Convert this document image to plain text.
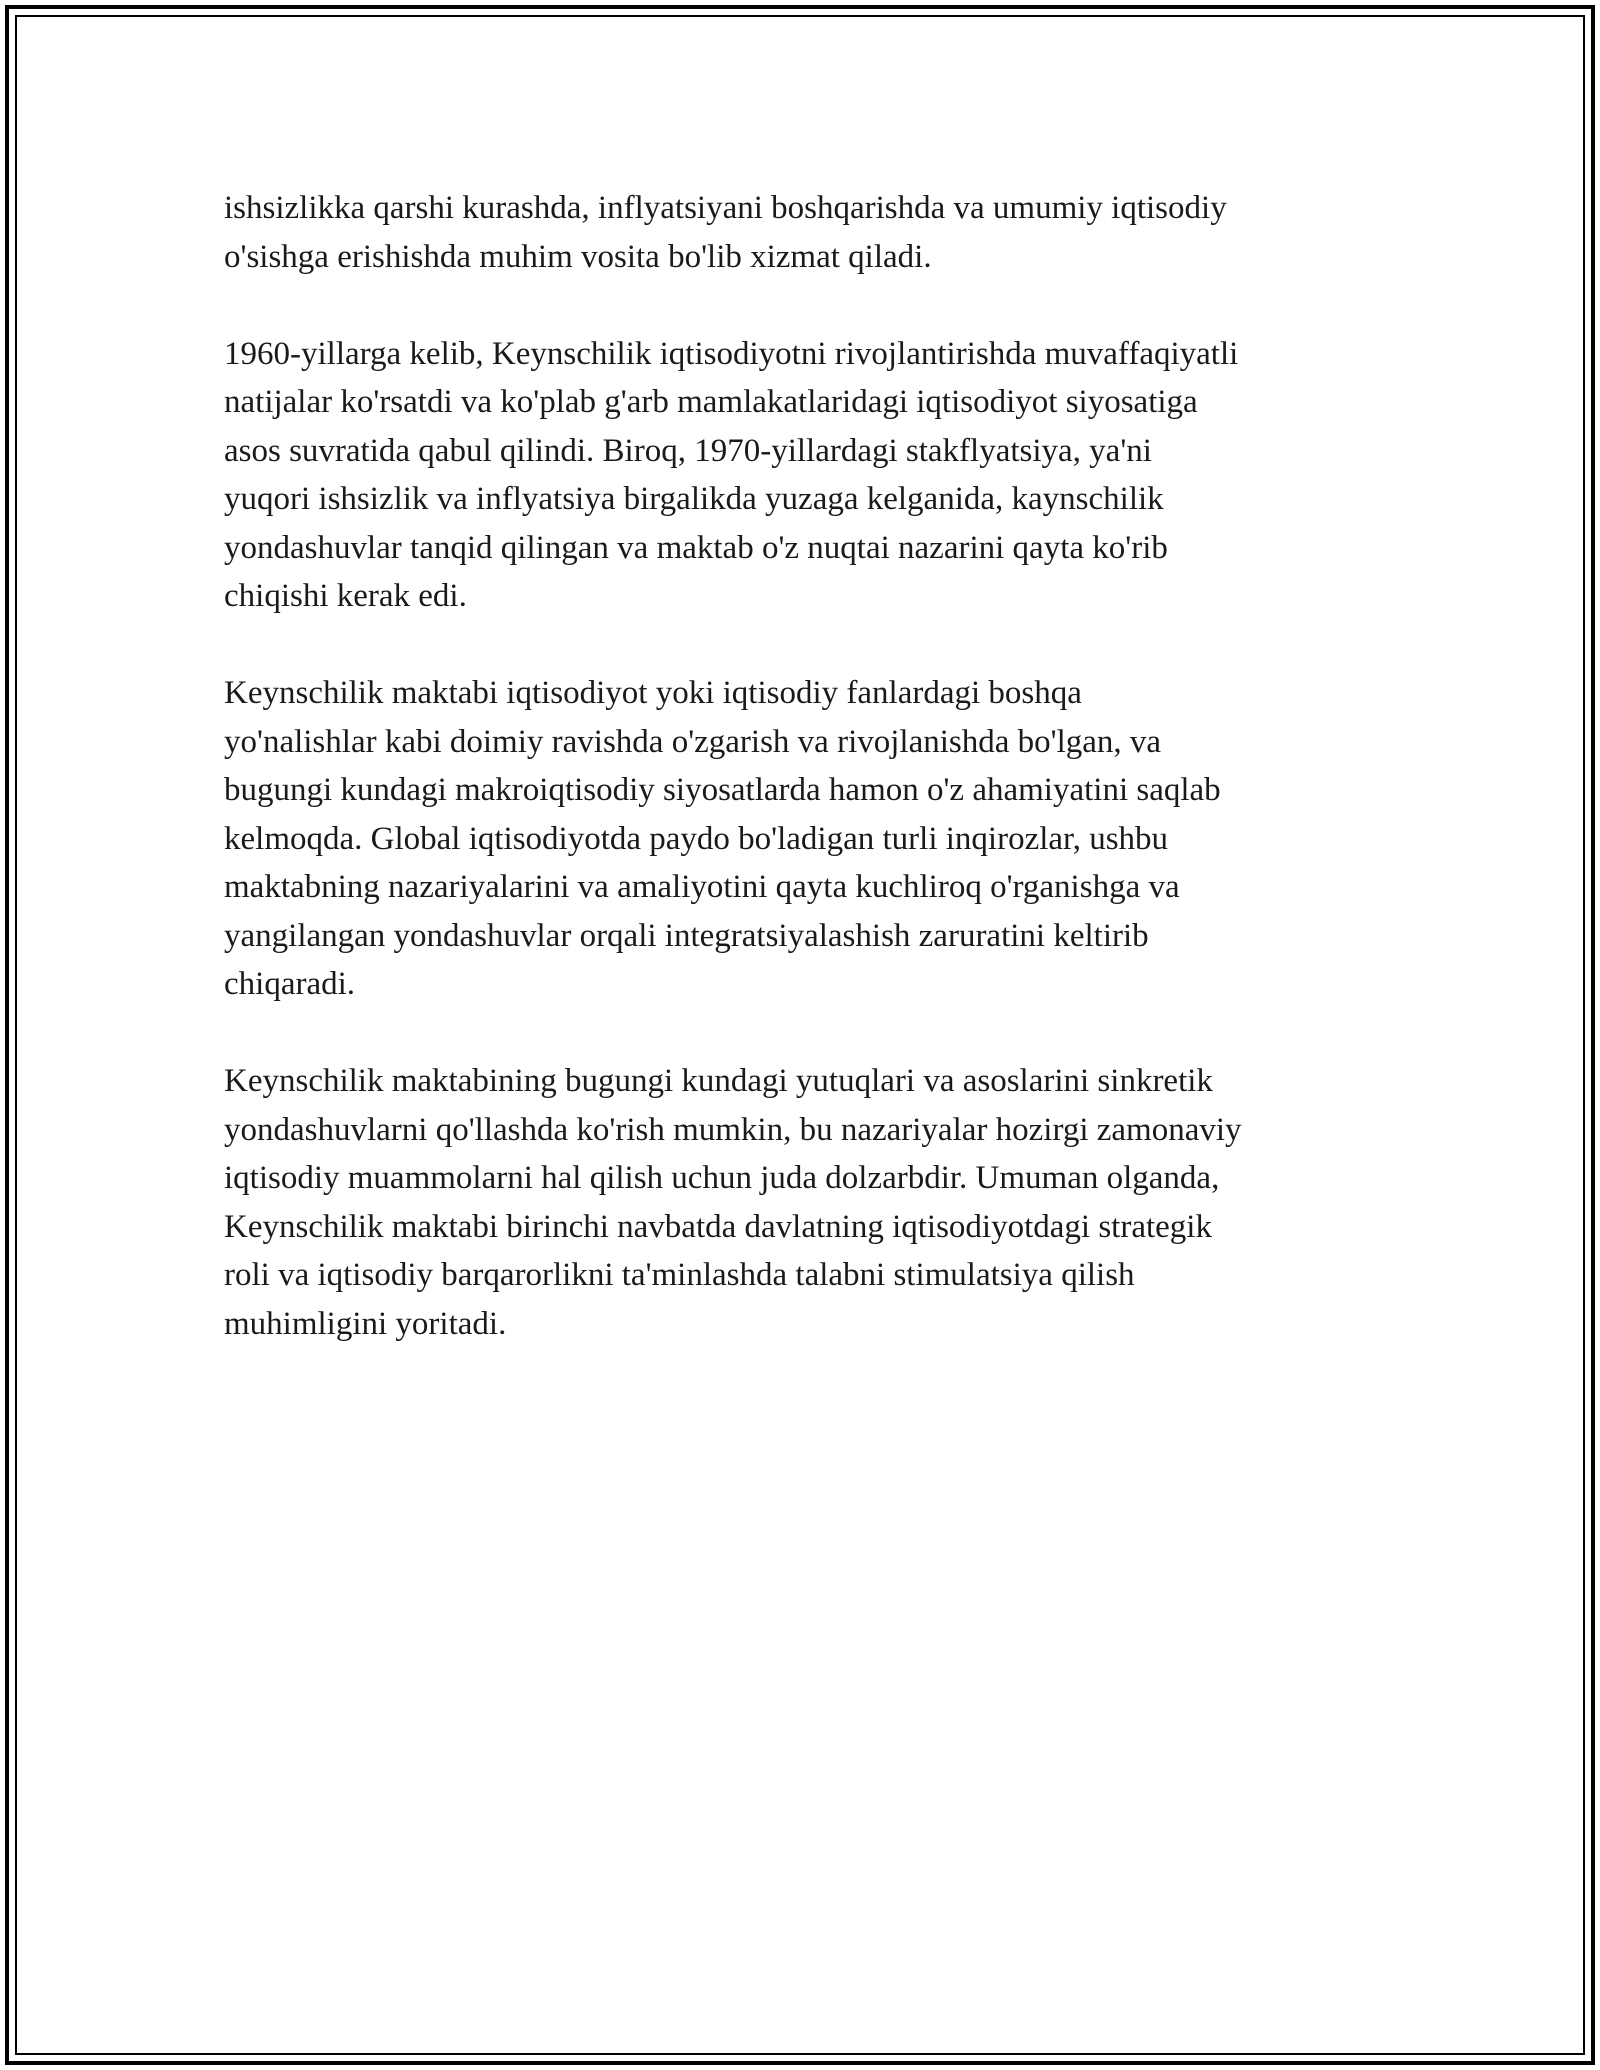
ishsizlikka qarshi kurashda, inflyatsiyani boshqarishda va umumiy iqtisodiy
o'sishga erishishda muhim vosita bo'lib xizmat qiladi.

1960-yillarga kelib, Keynschilik iqtisodiyotni rivojlantirishda muvaffaqiyatli
natijalar ko'rsatdi va ko'plab g'arb mamlakatlaridagi iqtisodiyot siyosatiga
asos suvratida qabul qilindi. Biroq, 1970-yillardagi stakflyatsiya, ya'ni
yuqori ishsizlik va inflyatsiya birgalikda yuzaga kelganida, kaynschilik
yondashuvlar tanqid qilingan va maktab o'z nuqtai nazarini qayta ko'rib
chiqishi kerak edi.

Keynschilik maktabi iqtisodiyot yoki iqtisodiy fanlardagi boshqa
yo'nalishlar kabi doimiy ravishda o'zgarish va rivojlanishda bo'lgan, va
bugungi kundagi makroiqtisodiy siyosatlarda hamon o'z ahamiyatini saqlab
kelmoqda. Global iqtisodiyotda paydo bo'ladigan turli inqirozlar, ushbu
maktabning nazariyalarini va amaliyotini qayta kuchliroq o'rganishga va
yangilangan yondashuvlar orqali integratsiyalashish zaruratini keltirib
chiqaradi.

Keynschilik maktabining bugungi kundagi yutuqlari va asoslarini sinkretik
yondashuvlarni qo'llashda ko'rish mumkin, bu nazariyalar hozirgi zamonaviy
iqtisodiy muammolarni hal qilish uchun juda dolzarbdir. Umuman olganda,
Keynschilik maktabi birinchi navbatda davlatning iqtisodiyotdagi strategik
roli va iqtisodiy barqarorlikni ta'minlashda talabni stimulatsiya qilish
muhimligini yoritadi.
